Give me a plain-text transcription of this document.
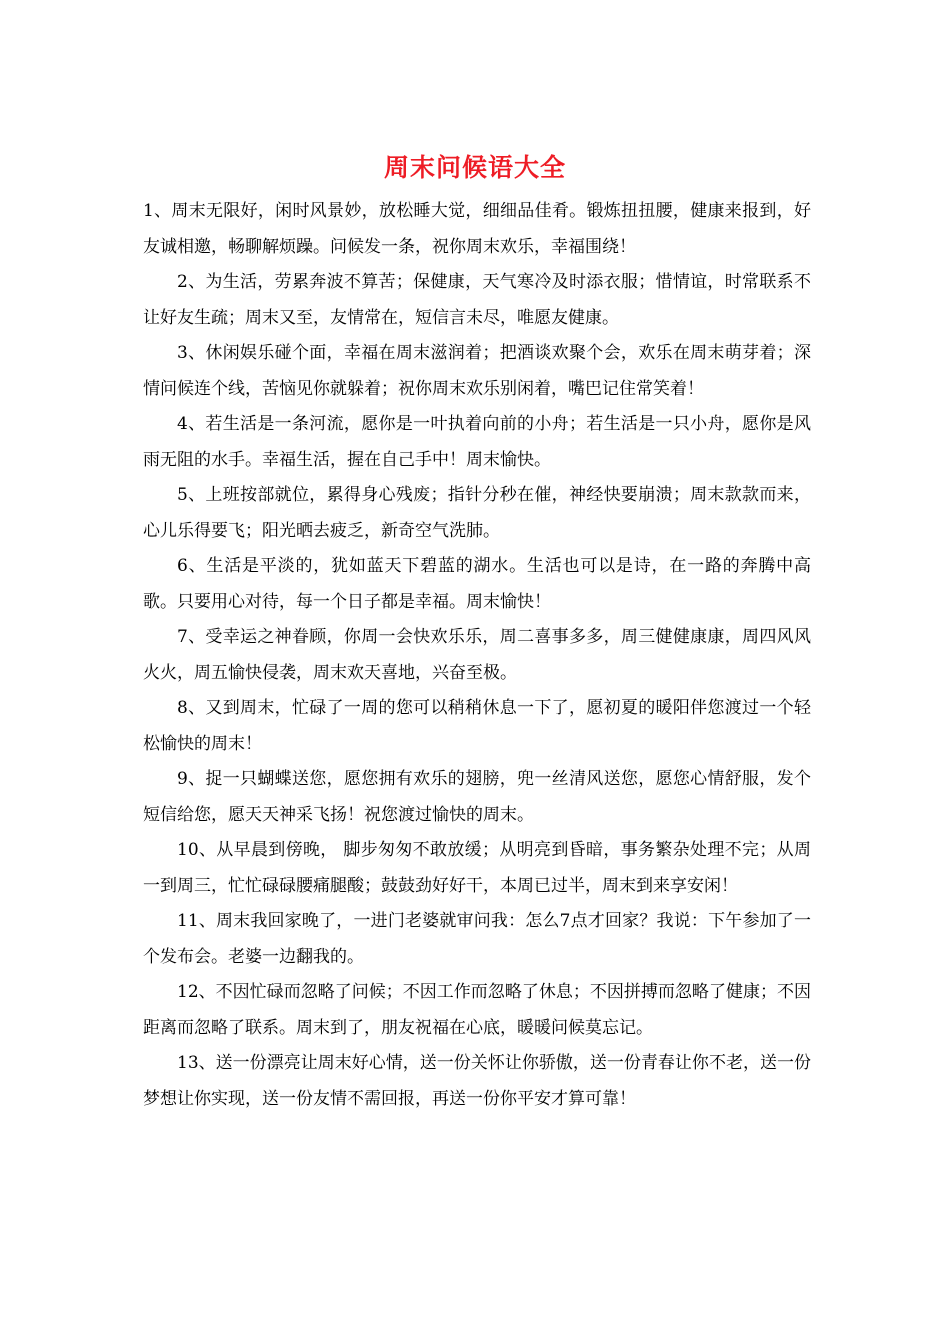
周末问候语大全

1、周末无限好，闲时风景妙，放松睡大觉，细细品佳肴。锻炼扭扭腰，健康来报到，好友诚相邀，畅聊解烦躁。问候发一条，祝你周末欢乐，幸福围绕！

2、为生活，劳累奔波不算苦；保健康，天气寒冷及时添衣服；惜情谊，时常联系不让好友生疏；周末又至，友情常在，短信言未尽，唯愿友健康。

3、休闲娱乐碰个面，幸福在周末滋润着；把酒谈欢聚个会，欢乐在周末萌芽着；深情问候连个线，苦恼见你就躲着；祝你周末欢乐别闲着，嘴巴记住常笑着！

4、若生活是一条河流，愿你是一叶执着向前的小舟；若生活是一只小舟，愿你是风雨无阻的水手。幸福生活，握在自己手中！周末愉快。

5、上班按部就位，累得身心残废；指针分秒在催，神经快要崩溃；周末款款而来，心儿乐得要飞；阳光晒去疲乏，新奇空气洗肺。

6、生活是平淡的，犹如蓝天下碧蓝的湖水。生活也可以是诗，在一路的奔腾中高歌。只要用心对待，每一个日子都是幸福。周末愉快！

7、受幸运之神眷顾，你周一会快欢乐乐，周二喜事多多，周三健健康康，周四风风火火，周五愉快侵袭，周末欢天喜地，兴奋至极。

8、又到周末，忙碌了一周的您可以稍稍休息一下了，愿初夏的暖阳伴您渡过一个轻松愉快的周末！

9、捉一只蝴蝶送您，愿您拥有欢乐的翅膀，兜一丝清风送您，愿您心情舒服，发个短信给您，愿天天神采飞扬！祝您渡过愉快的周末。

10、从早晨到傍晚， 脚步匆匆不敢放缓；从明亮到昏暗，事务繁杂处理不完；从周一到周三，忙忙碌碌腰痛腿酸；鼓鼓劲好好干，本周已过半，周末到来享安闲！

11、周末我回家晚了，一进门老婆就审问我：怎么7点才回家？我说：下午参加了一个发布会。老婆一边翻我的。

12、不因忙碌而忽略了问候；不因工作而忽略了休息；不因拼搏而忽略了健康；不因距离而忽略了联系。周末到了，朋友祝福在心底，暖暖问候莫忘记。

13、送一份漂亮让周末好心情，送一份关怀让你骄傲，送一份青春让你不老，送一份梦想让你实现，送一份友情不需回报，再送一份你平安才算可靠！
